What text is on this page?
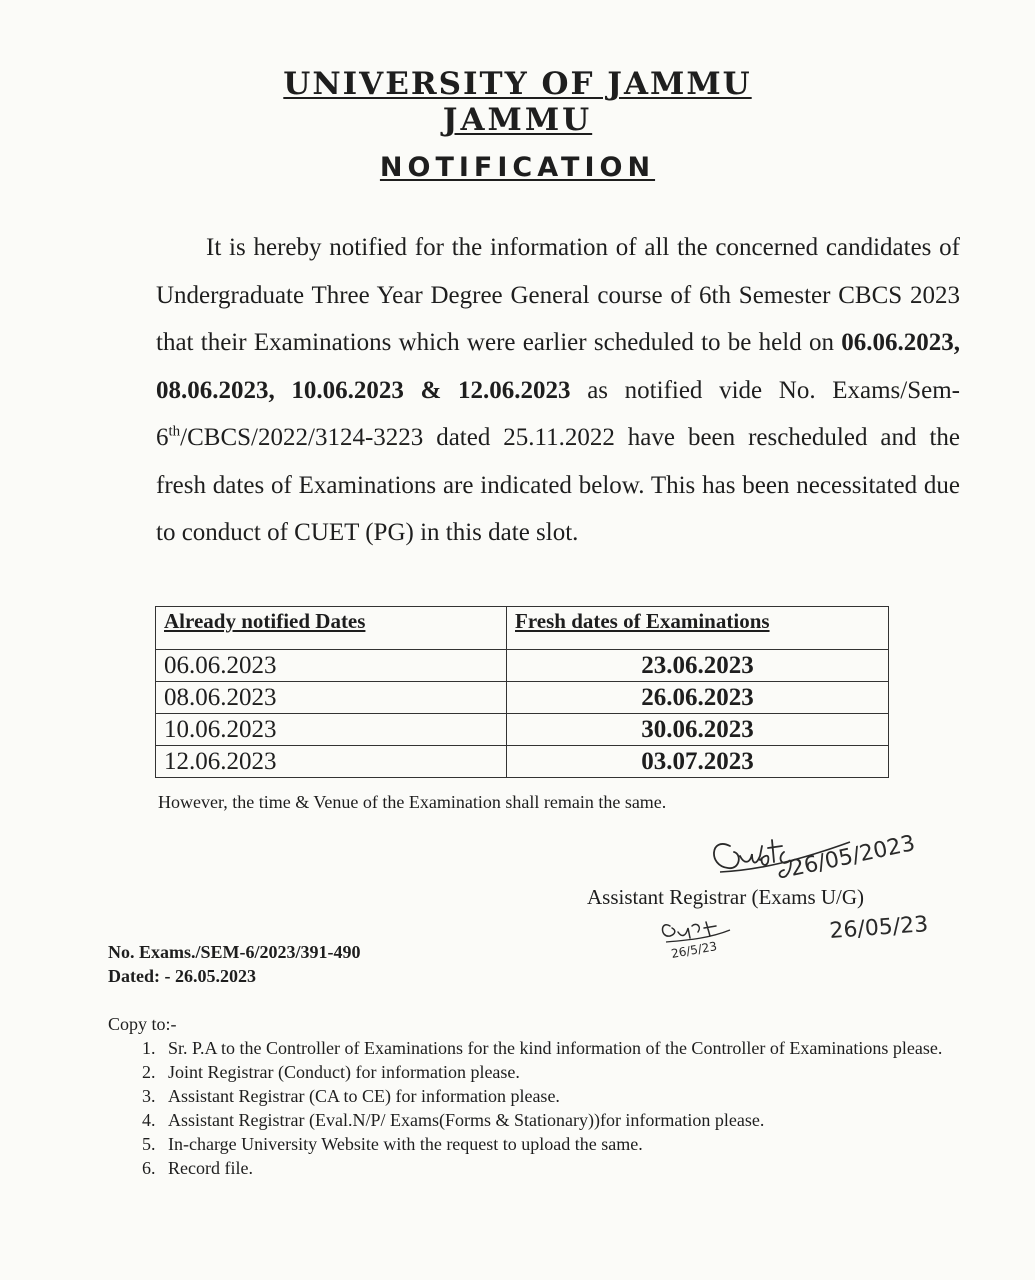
UNIVERSITY OF JAMMU
JAMMU
NOTIFICATION

It is hereby notified for the information of all the concerned candidates of Undergraduate Three Year Degree General course of 6th Semester CBCS 2023 that their Examinations which were earlier scheduled to be held on 06.06.2023, 08.06.2023, 10.06.2023 & 12.06.2023 as notified vide No. Exams/Sem-6th/CBCS/2022/3124-3223 dated 25.11.2022 have been rescheduled and the fresh dates of Examinations are indicated below. This has been necessitated due to conduct of CUET (PG) in this date slot.

Already notified Dates	Fresh dates of Examinations
06.06.2023	23.06.2023
08.06.2023	26.06.2023
10.06.2023	30.06.2023
12.06.2023	03.07.2023
However, the time & Venue of the Examination shall remain the same.
26/05/2023
26/05/23
26/5/23
Assistant Registrar (Exams U/G)
No. Exams./SEM-6/2023/391-490
Dated: - 26.05.2023
Copy to:-
1. Sr. P.A to the Controller of Examinations for the kind information of the Controller of Examinations please.
2. Joint Registrar (Conduct) for information please.
3. Assistant Registrar (CA to CE) for information please.
4. Assistant Registrar (Eval.N/P/ Exams(Forms & Stationary))for information please.
5. In-charge University Website with the request to upload the same.
6. Record file.
